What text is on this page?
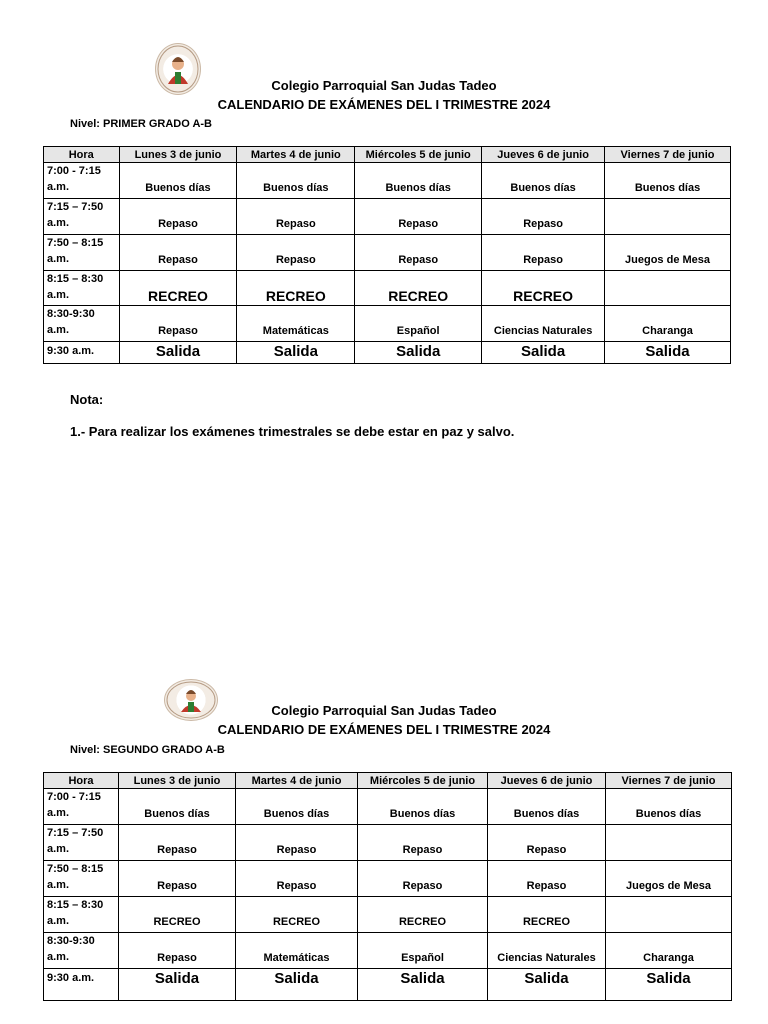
Colegio Parroquial San Judas Tadeo
CALENDARIO DE EXÁMENES DEL I TRIMESTRE 2024
Nivel: PRIMER GRADO A-B
Hora	Lunes 3 de junio	Martes 4 de junio	Miércoles 5 de junio	Jueves 6 de junio	Viernes 7 de junio
7:00 - 7:15
a.m.	Buenos días	Buenos días	Buenos días	Buenos días	Buenos días
7:15 – 7:50
a.m.	Repaso	Repaso	Repaso	Repaso	
7:50 – 8:15
a.m.	Repaso	Repaso	Repaso	Repaso	Juegos de Mesa
8:15 – 8:30
a.m.	RECREO	RECREO	RECREO	RECREO	
8:30-9:30
a.m.	Repaso	Matemáticas	Español	Ciencias Naturales	Charanga
9:30 a.m.	Salida	Salida	Salida	Salida	Salida
Nota:
1.- Para realizar los exámenes trimestrales se debe estar en paz y salvo.
Colegio Parroquial San Judas Tadeo
CALENDARIO DE EXÁMENES DEL I TRIMESTRE 2024
Nivel: SEGUNDO GRADO A-B
Hora	Lunes 3 de junio	Martes 4 de junio	Miércoles 5 de junio	Jueves 6 de junio	Viernes 7 de junio
7:00 - 7:15
a.m.	Buenos días	Buenos días	Buenos días	Buenos días	Buenos días
7:15 – 7:50
a.m.	Repaso	Repaso	Repaso	Repaso	
7:50 – 8:15
a.m.	Repaso	Repaso	Repaso	Repaso	Juegos de Mesa
8:15 – 8:30
a.m.	RECREO	RECREO	RECREO	RECREO	
8:30-9:30
a.m.	Repaso	Matemáticas	Español	Ciencias Naturales	Charanga
9:30 a.m.	Salida	Salida	Salida	Salida	Salida
